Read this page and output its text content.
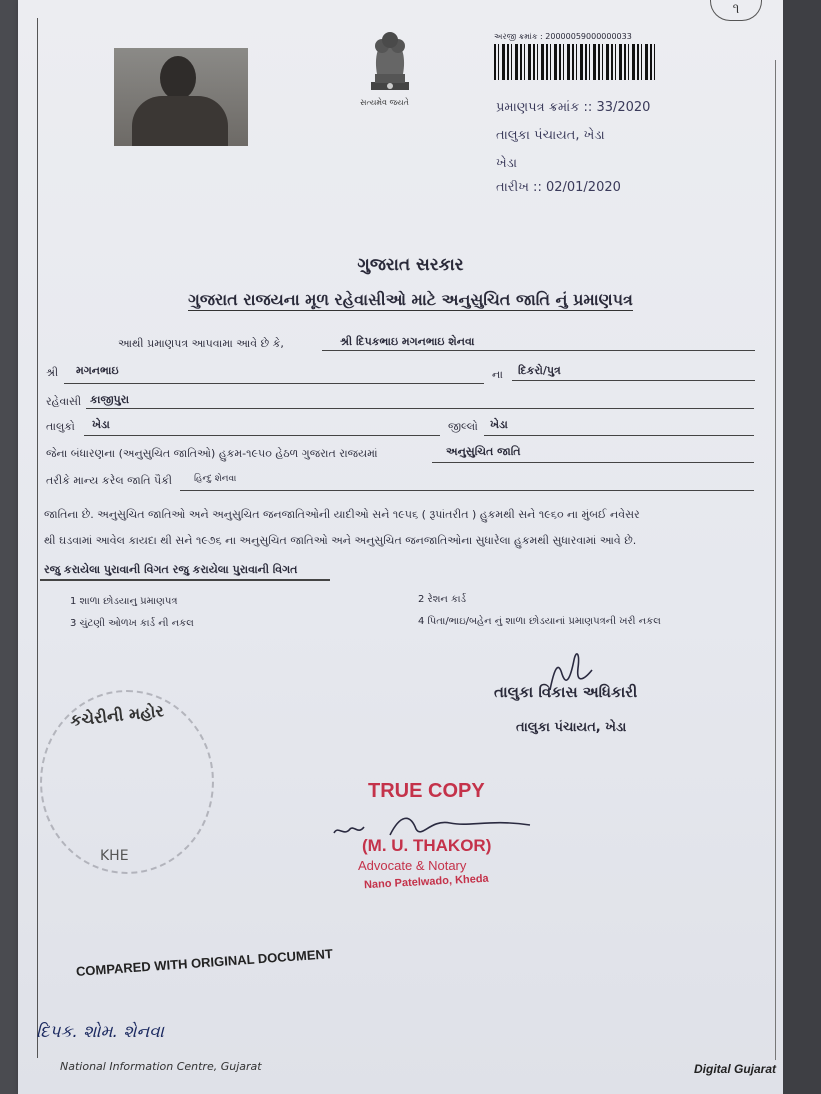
૧
સત્યમેવ જયતે
અરજી ક્રમાંક : 20000059000000033
પ્રમાણપત્ર ક્રમાંક :: 33/2020
તાલુકા પંચાયત, ખેડા
ખેડા
તારીખ :: 02/01/2020
ગુજરાત સરકાર
ગુજરાત રાજયના મૂળ રહેવાસીઓ માટે અનુસુચિત જાતિ નું પ્રમાણપત્ર
આથી પ્રમાણપત્ર આપવામા આવે છે કે,	શ્રી દિપકભાઇ મગનભાઇ શેનવા
શ્રી મગનભાઇ	ના દિકરો/પુત્ર
રહેવાસી કાજીપુરા
તાલુકો ખેડા	જીલ્લો ખેડા
જેના બંધારણના (અનુસુચિત જાતિઓ) હુકમ-૧૯૫૦ હેઠળ ગુજરાત રાજયમાં	અનુસુચિત જાતિ
તરીકે માન્ય કરેલ જાતિ પૈકી હિન્દુ શેનવા
જાતિના છે. અનુસુચિત જાતિઓ અને અનુસુચિત જનજાતિઓની યાદીઓ સને ૧૯૫૬ ( રૂપાંતરીત ) હુકમથી સને ૧૯૬૦ ના મુંબઈ નવેસર
થી ઘડવામાં આવેલ કાયદા થી સને ૧૯૭૬ ના અનુસુચિત જાતિઓ અને અનુસુચિત જનજાતિઓના સુધારેલા હુકમથી સુધારવામાં આવે છે.
રજુ કરાયેલા પુરાવાની વિગત રજુ કરાયેલા પુરાવાની વિગત
1 શાળા છોડયાનુ પ્રમાણપત્ર	2 રેશન કાર્ડ
3 ચુંટણી ઓળખ કાર્ડ ની નકલ	4 પિતા/ભાઇ/બહેન નું શાળા છોડયાનાં પ્રમાણપત્રની ખરી નકલ
તાલુકા વિકાસ અધિકારી
તાલુકા પંચાયત, ખેડા
કચેરીની મહોર
KHE
TRUE COPY
(M. U. THAKOR)
Advocate & Notary
Nano Patelwado, Kheda
COMPARED WITH ORIGINAL DOCUMENT
દિપક. શોમ. શેનવા
National Information Centre, Gujarat	Digital Gujarat
